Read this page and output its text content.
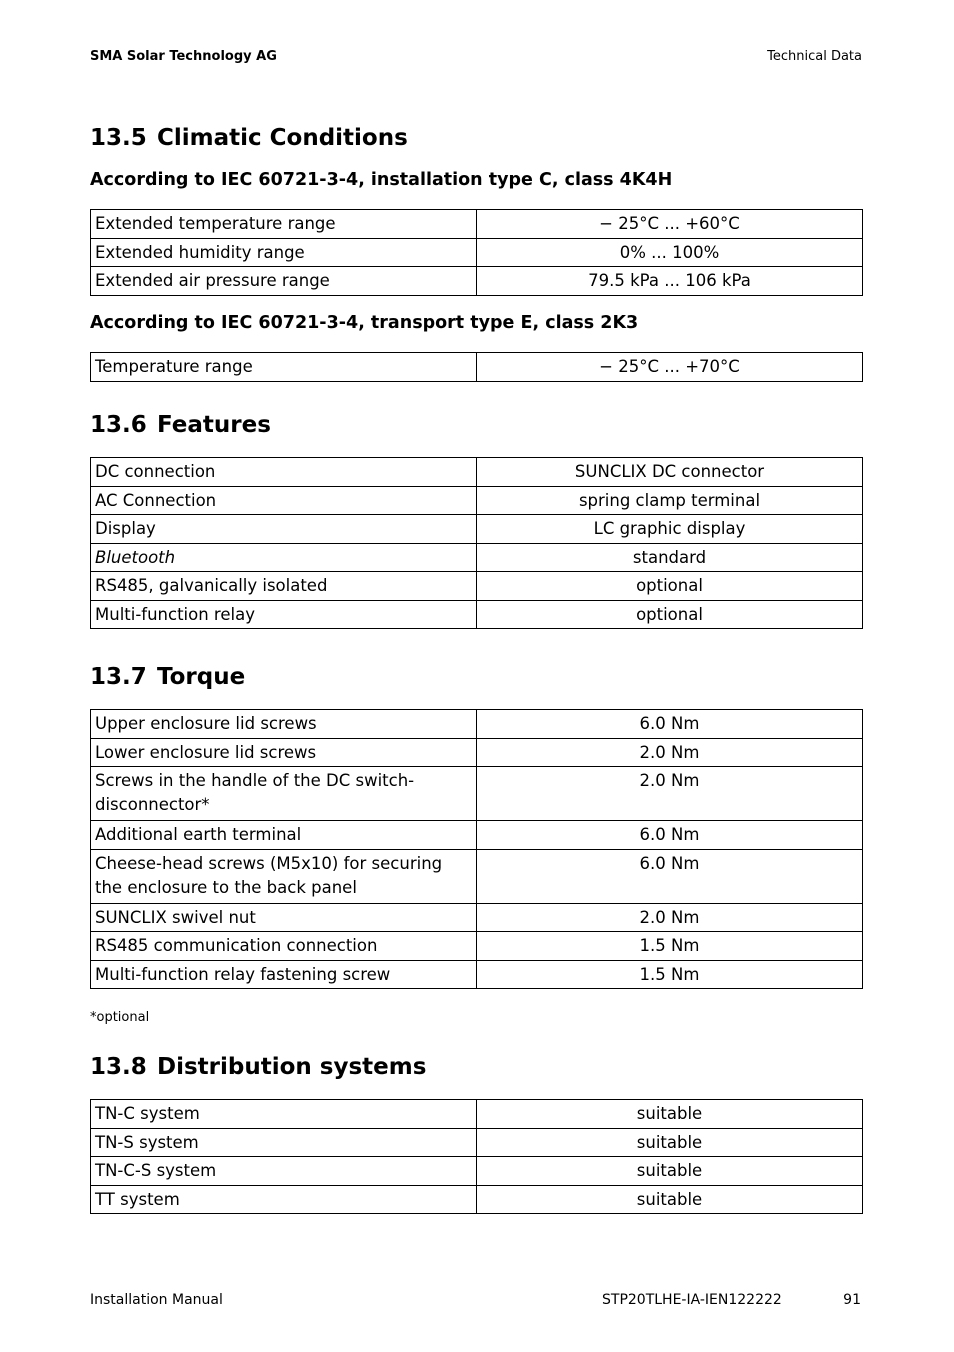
SMA Solar Technology AG	Technical Data
13.5 Climatic Conditions
According to IEC 60721-3-4, installation type C, class 4K4H
Extended temperature range	− 25°C ... +60°C
Extended humidity range	0% ... 100%
Extended air pressure range	79.5 kPa ... 106 kPa
According to IEC 60721-3-4, transport type E, class 2K3
Temperature range	− 25°C ... +70°C
13.6 Features
DC connection	SUNCLIX DC connector
AC Connection	spring clamp terminal
Display	LC graphic display
Bluetooth	standard
RS485, galvanically isolated	optional
Multi-function relay	optional
13.7 Torque
Upper enclosure lid screws	6.0 Nm
Lower enclosure lid screws	2.0 Nm
Screws in the handle of the DC switch-disconnector*	2.0 Nm
Additional earth terminal	6.0 Nm
Cheese-head screws (M5x10) for securing the enclosure to the back panel	6.0 Nm
SUNCLIX swivel nut	2.0 Nm
RS485 communication connection	1.5 Nm
Multi-function relay fastening screw	1.5 Nm
*optional
13.8 Distribution systems
TN-C system	suitable
TN-S system	suitable
TN-C-S system	suitable
TT system	suitable
Installation Manual	STP20TLHE-IA-IEN122222	91
